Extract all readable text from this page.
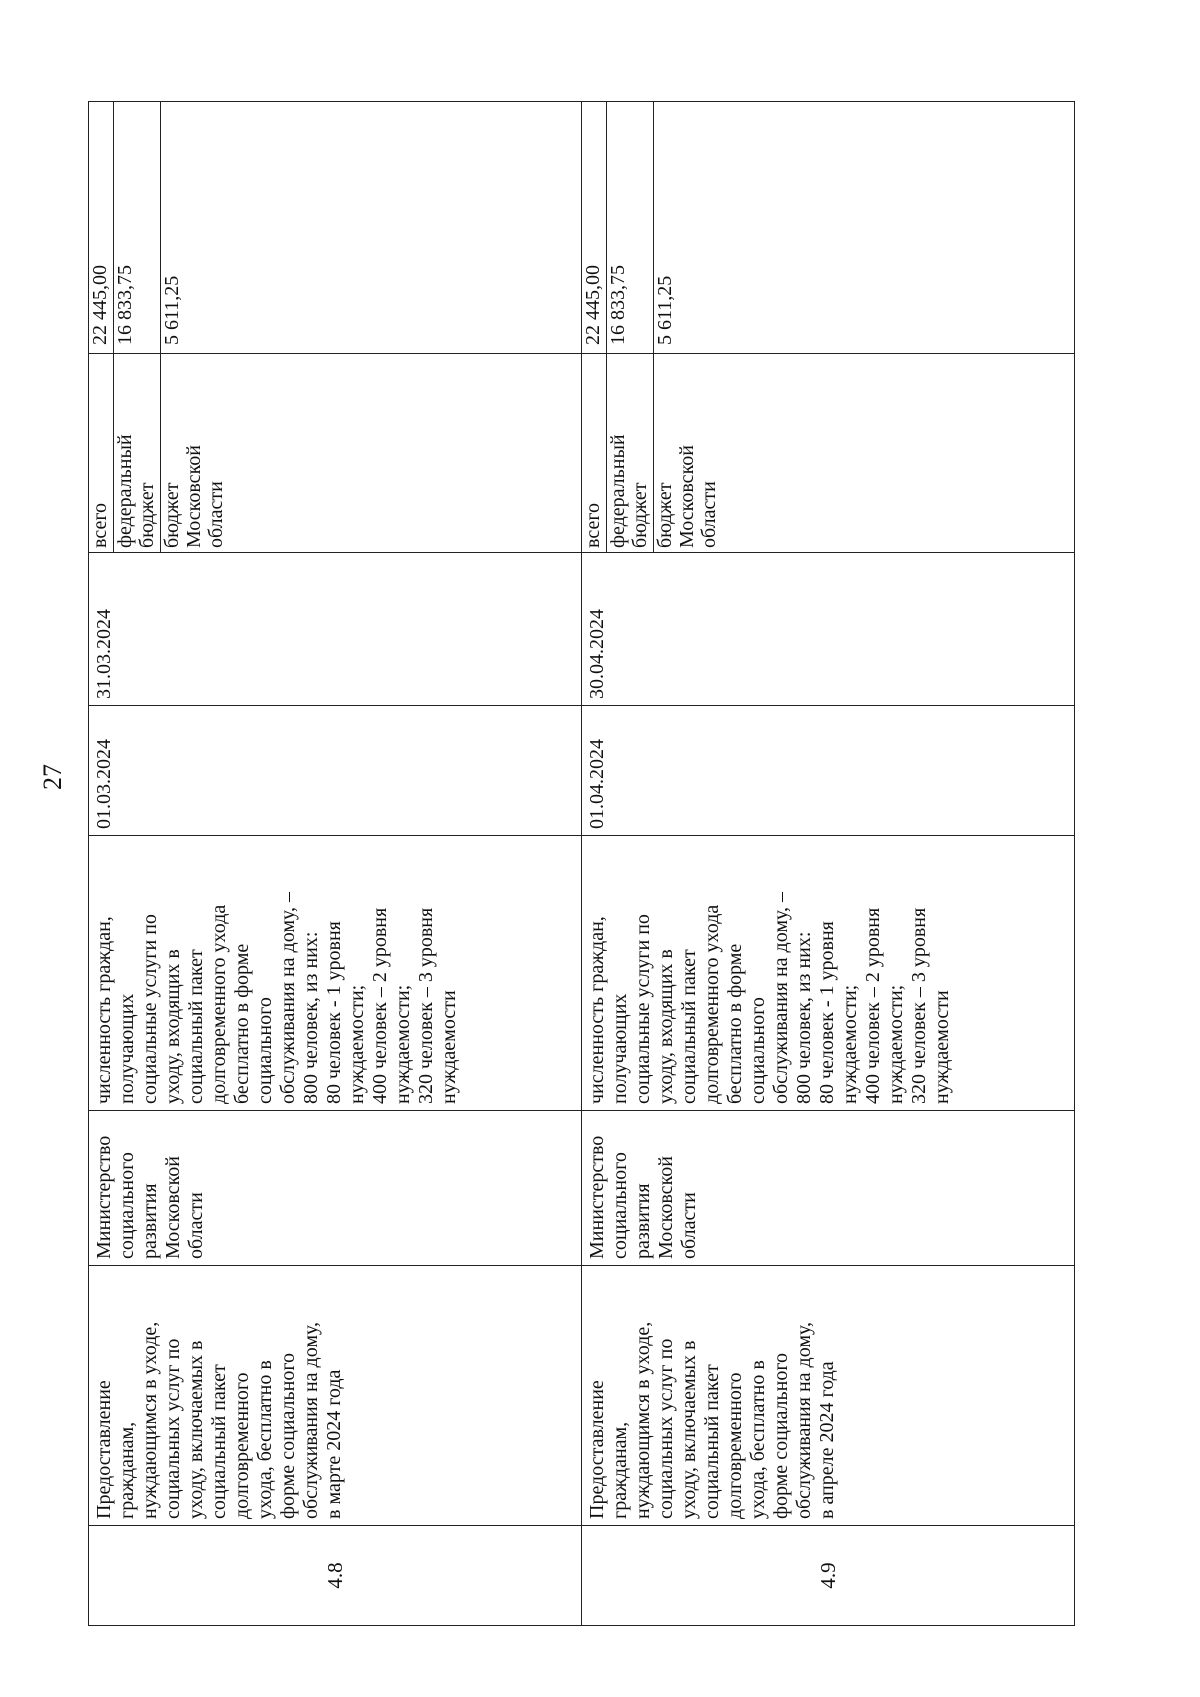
27
4.8	Предоставление
гражданам,
нуждающимся в уходе,
социальных услуг по
уходу, включаемых в
социальный пакет
долговременного
ухода, бесплатно в
форме социального
обслуживания на дому,
в марте 2024 года	Министерство
социального
развития
Московской
области	численность граждан,
получающих
социальные услуги по
уходу, входящих в
социальный пакет
долговременного ухода
бесплатно в форме
социального
обслуживания на дому, –
800 человек, из них:
80 человек - 1 уровня
нуждаемости;
400 человек – 2 уровня
нуждаемости;
320 человек – 3 уровня
нуждаемости	01.03.2024	31.03.2024	
всего	22 445,00
федеральный
бюджет	16 833,75
бюджет
Московской
области	5 611,25

4.9	Предоставление
гражданам,
нуждающимся в уходе,
социальных услуг по
уходу, включаемых в
социальный пакет
долговременного
ухода, бесплатно в
форме социального
обслуживания на дому,
в апреле 2024 года	Министерство
социального
развития
Московской
области	численность граждан,
получающих
социальные услуги по
уходу, входящих в
социальный пакет
долговременного ухода
бесплатно в форме
социального
обслуживания на дому, –
800 человек, из них:
80 человек - 1 уровня
нуждаемости;
400 человек – 2 уровня
нуждаемости;
320 человек – 3 уровня
нуждаемости	01.04.2024	30.04.2024	
всего	22 445,00
федеральный
бюджет	16 833,75
бюджет
Московской
области	5 611,25
